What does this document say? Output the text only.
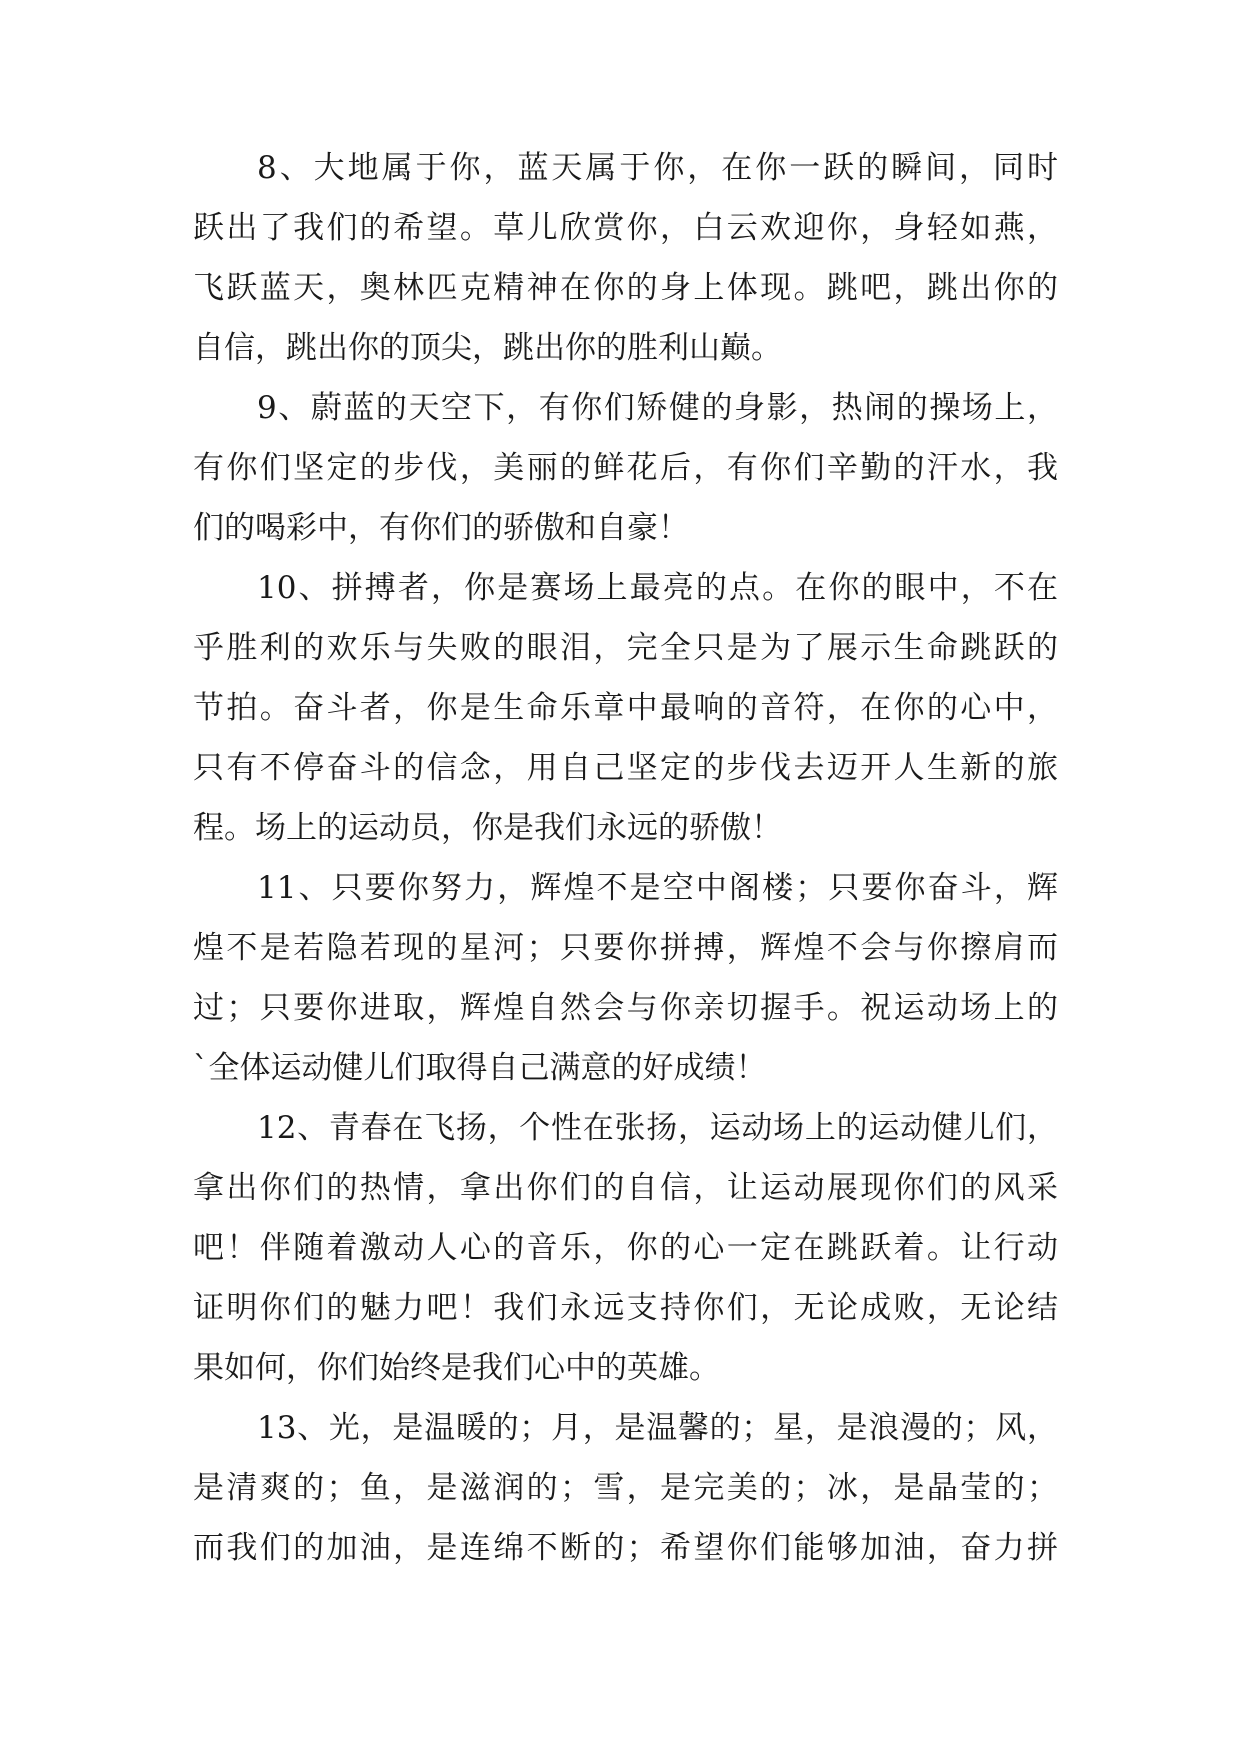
8、大地属于你，蓝天属于你，在你一跃的瞬间，同时
跃出了我们的希望。草儿欣赏你，白云欢迎你，身轻如燕，
飞跃蓝天，奥林匹克精神在你的身上体现。跳吧，跳出你的
自信，跳出你的顶尖，跳出你的胜利山巅。
9、蔚蓝的天空下，有你们矫健的身影，热闹的操场上，
有你们坚定的步伐，美丽的鲜花后，有你们辛勤的汗水，我
们的喝彩中，有你们的骄傲和自豪！
10、拼搏者，你是赛场上最亮的点。在你的眼中，不在
乎胜利的欢乐与失败的眼泪，完全只是为了展示生命跳跃的
节拍。奋斗者，你是生命乐章中最响的音符，在你的心中，
只有不停奋斗的信念，用自己坚定的步伐去迈开人生新的旅
程。场上的运动员，你是我们永远的骄傲！
11、只要你努力，辉煌不是空中阁楼；只要你奋斗，辉
煌不是若隐若现的星河；只要你拼搏，辉煌不会与你擦肩而
过；只要你进取，辉煌自然会与你亲切握手。祝运动场上的
`全体运动健儿们取得自己满意的好成绩！
12、青春在飞扬，个性在张扬，运动场上的运动健儿们，
拿出你们的热情，拿出你们的自信，让运动展现你们的风采
吧！伴随着激动人心的音乐，你的心一定在跳跃着。让行动
证明你们的魅力吧！我们永远支持你们，无论成败，无论结
果如何，你们始终是我们心中的英雄。
13、光，是温暖的；月，是温馨的；星，是浪漫的；风，
是清爽的；鱼，是滋润的；雪，是完美的；冰，是晶莹的；
而我们的加油，是连绵不断的；希望你们能够加油，奋力拼
